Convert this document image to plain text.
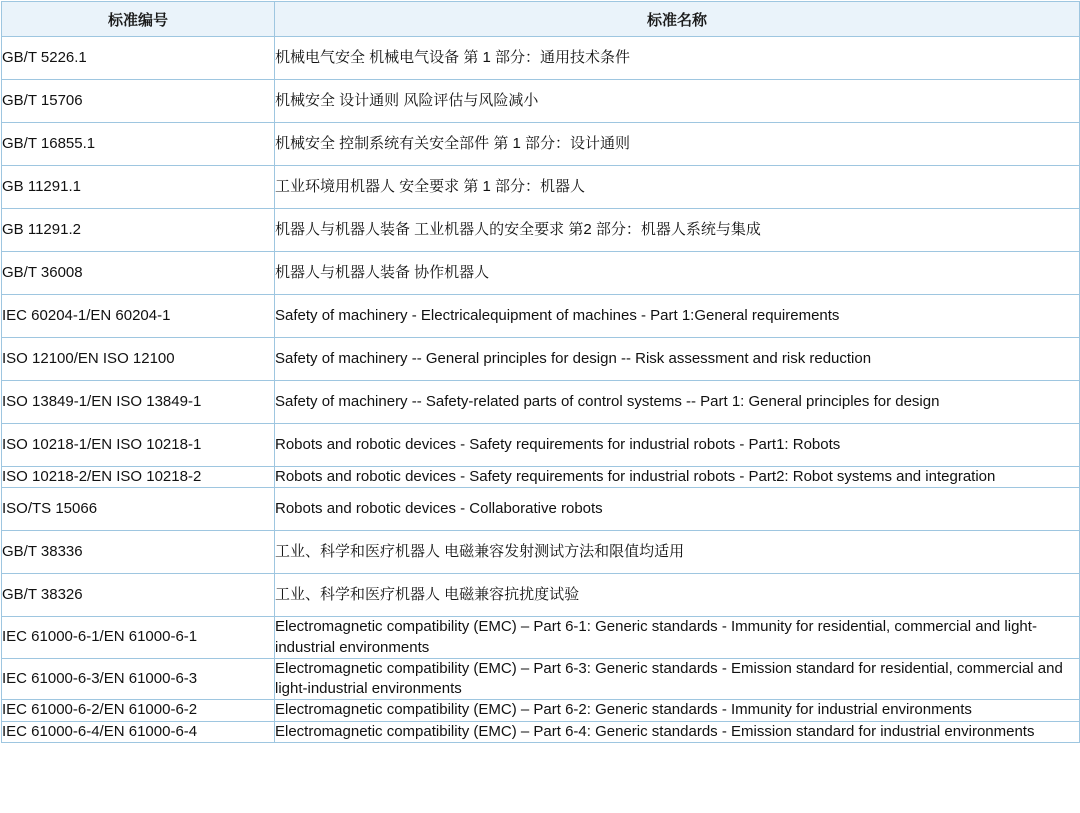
标准编号	标准名称
GB/T 5226.1	机械电气安全 机械电气设备 第 1 部分：通用技术条件
GB/T 15706	机械安全 设计通则 风险评估与风险减小
GB/T 16855.1	机械安全 控制系统有关安全部件 第 1 部分：设计通则
GB 11291.1	工业环境用机器人 安全要求 第 1 部分：机器人
GB 11291.2	机器人与机器人装备 工业机器人的安全要求 第2 部分：机器人系统与集成
GB/T 36008	机器人与机器人装备 协作机器人
IEC 60204-1/EN 60204-1	Safety of machinery - Electricalequipment of machines - Part 1:General requirements
ISO 12100/EN ISO 12100	Safety of machinery -- General principles for design -- Risk assessment and risk reduction
ISO 13849-1/EN ISO 13849-1	Safety of machinery -- Safety-related parts of control systems -- Part 1: General principles for design
ISO 10218-1/EN ISO 10218-1	Robots and robotic devices - Safety requirements for industrial robots - Part1: Robots
ISO 10218-2/EN ISO 10218-2	Robots and robotic devices - Safety requirements for industrial robots - Part2: Robot systems and integration
ISO/TS 15066	Robots and robotic devices - Collaborative robots
GB/T 38336	工业、科学和医疗机器人 电磁兼容发射测试方法和限值均适用
GB/T 38326	工业、科学和医疗机器人 电磁兼容抗扰度试验
IEC 61000-6-1/EN 61000-6-1	Electromagnetic compatibility (EMC) – Part 6-1: Generic standards - Immunity for residential, commercial and light-industrial environments
IEC 61000-6-3/EN 61000-6-3	Electromagnetic compatibility (EMC) – Part 6-3: Generic standards - Emission standard for residential, commercial and light-industrial environments
IEC 61000-6-2/EN 61000-6-2	Electromagnetic compatibility (EMC) – Part 6-2: Generic standards - Immunity for industrial environments
IEC 61000-6-4/EN 61000-6-4	Electromagnetic compatibility (EMC) – Part 6-4: Generic standards - Emission standard for industrial environments
